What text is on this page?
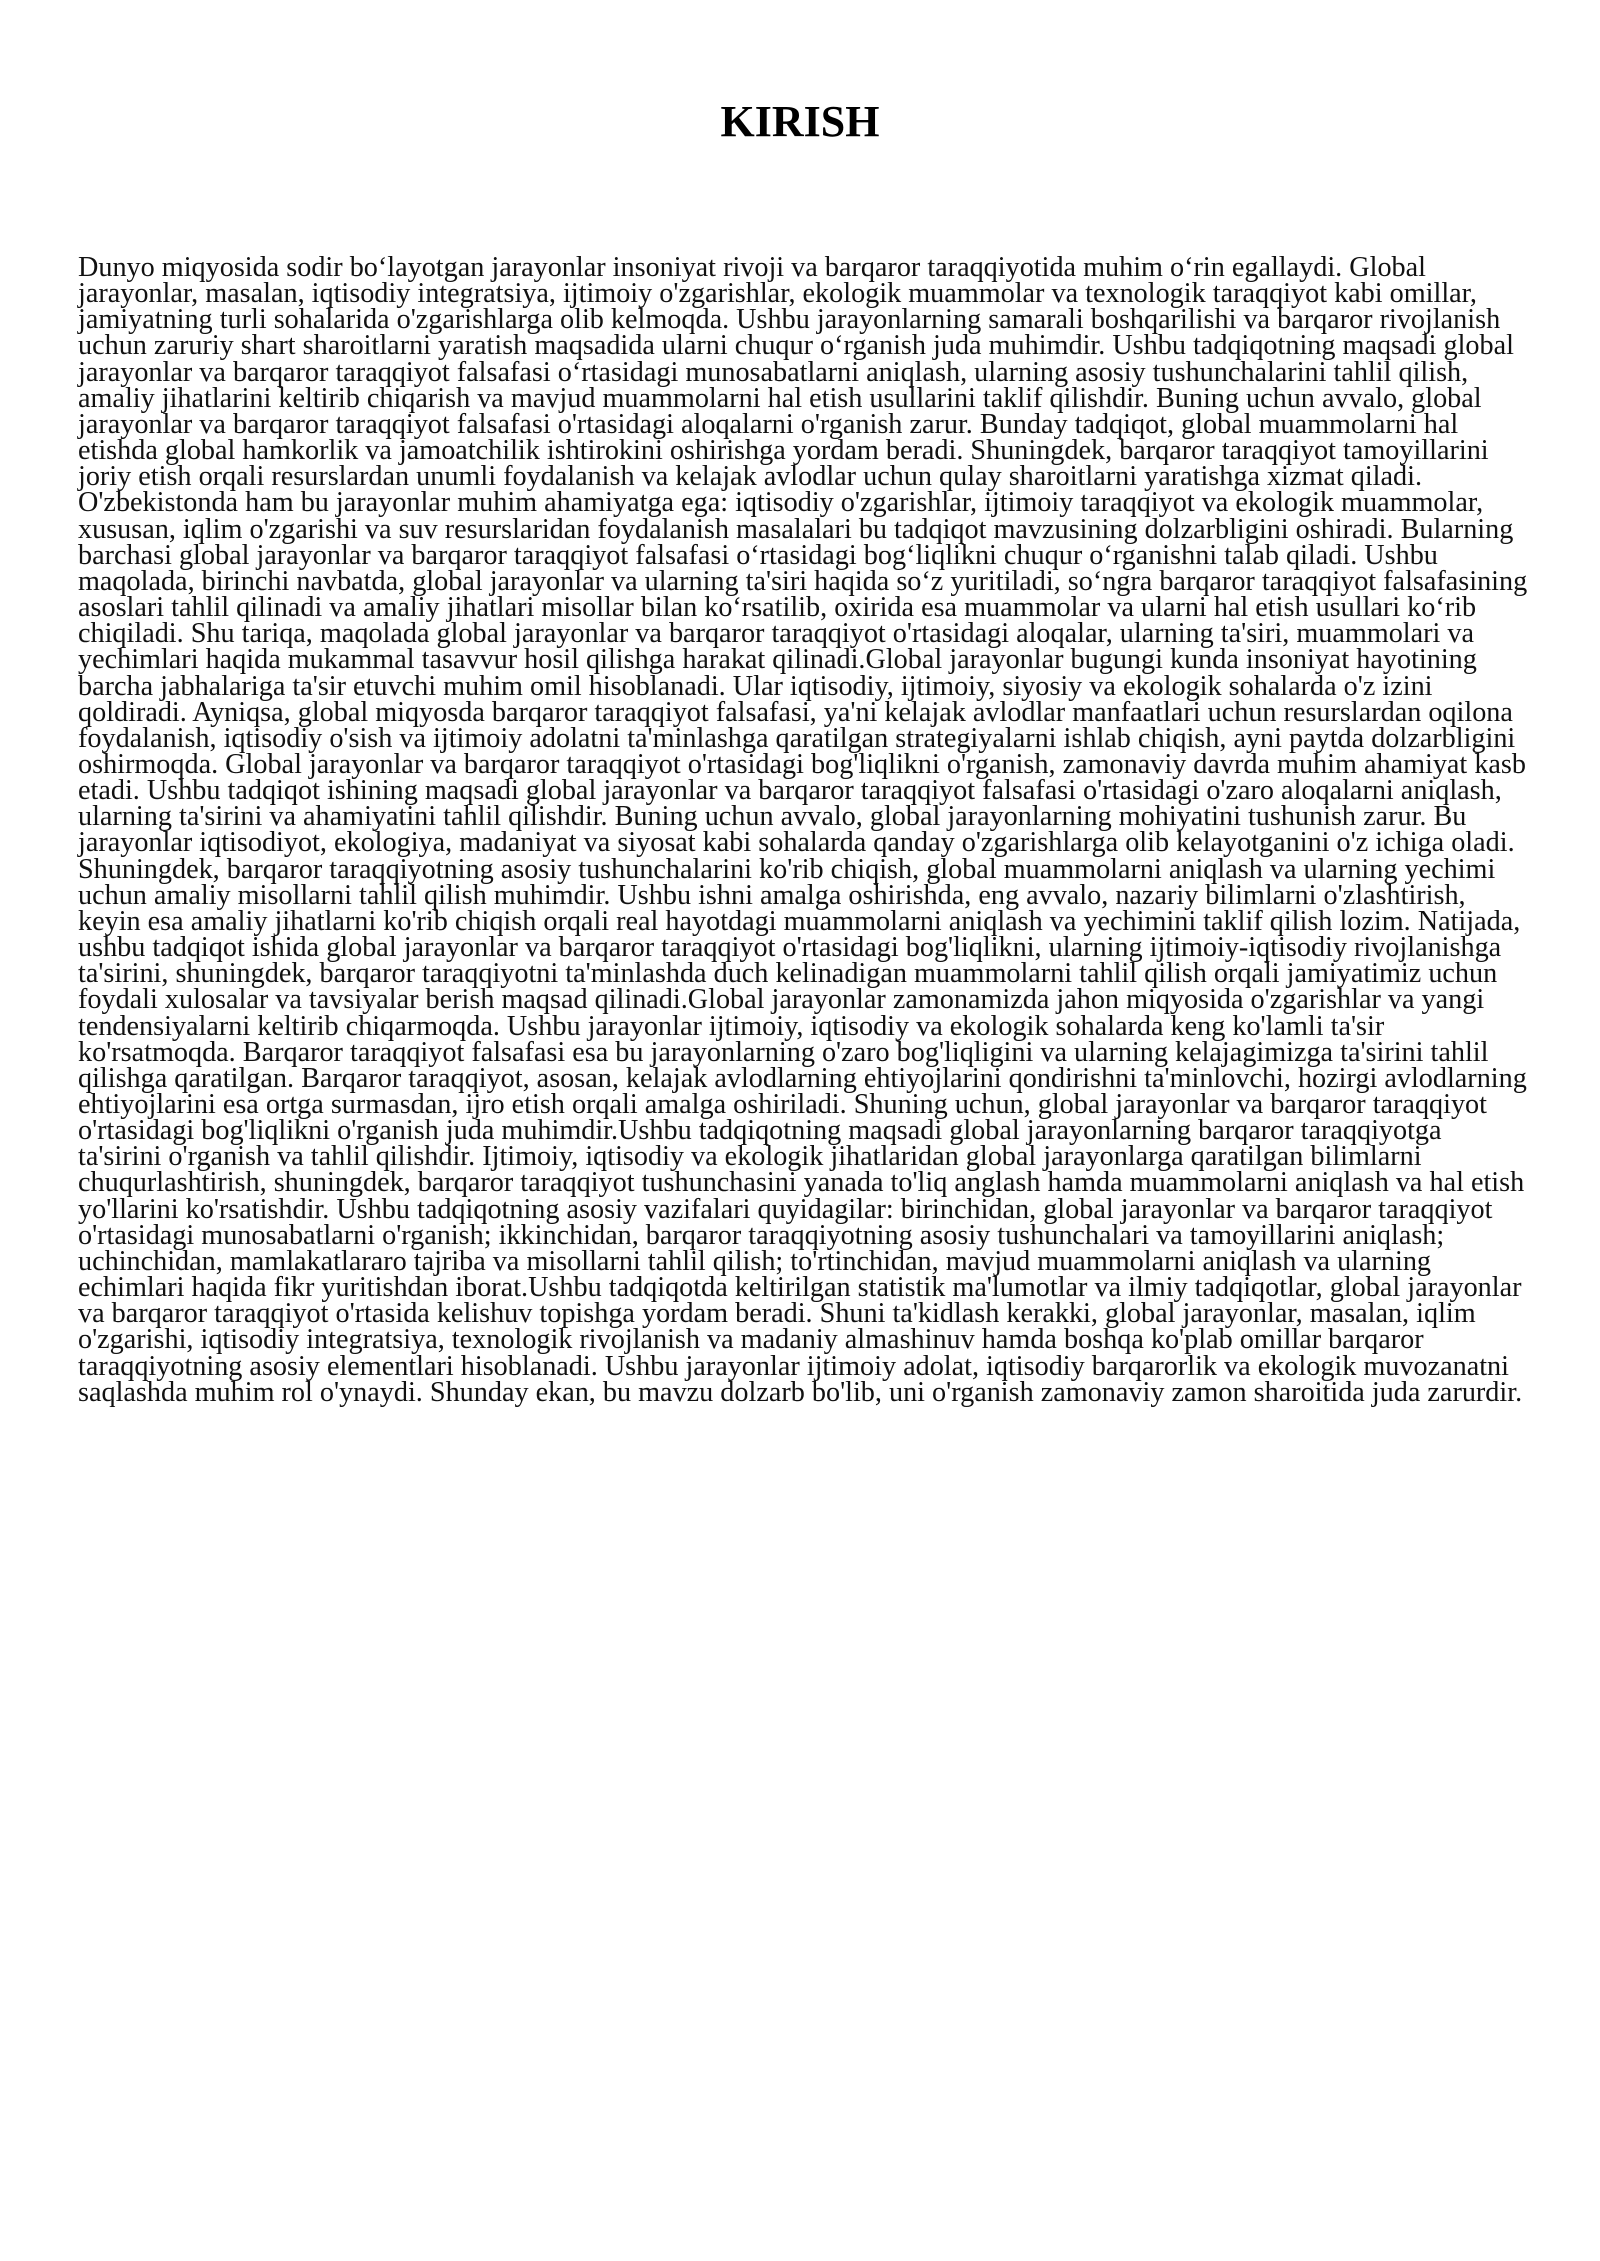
KIRISH

Dunyo miqyosida sodir bo‘layotgan jarayonlar insoniyat rivoji va barqaror taraqqiyotida muhim o‘rin egallaydi. Global jarayonlar, masalan, iqtisodiy integratsiya, ijtimoiy o'zgarishlar, ekologik muammolar va texnologik taraqqiyot kabi omillar, jamiyatning turli sohalarida o'zgarishlarga olib kelmoqda. Ushbu jarayonlarning samarali boshqarilishi va barqaror rivojlanish uchun zaruriy shart sharoitlarni yaratish maqsadida ularni chuqur o‘rganish juda muhimdir. Ushbu tadqiqotning maqsadi global jarayonlar va barqaror taraqqiyot falsafasi o‘rtasidagi munosabatlarni aniqlash, ularning asosiy tushunchalarini tahlil qilish, amaliy jihatlarini keltirib chiqarish va mavjud muammolarni hal etish usullarini taklif qilishdir. Buning uchun avvalo, global jarayonlar va barqaror taraqqiyot falsafasi o'rtasidagi aloqalarni o'rganish zarur. Bunday tadqiqot, global muammolarni hal etishda global hamkorlik va jamoatchilik ishtirokini oshirishga yordam beradi. Shuningdek, barqaror taraqqiyot tamoyillarini joriy etish orqali resurslardan unumli foydalanish va kelajak avlodlar uchun qulay sharoitlarni yaratishga xizmat qiladi. O'zbekistonda ham bu jarayonlar muhim ahamiyatga ega: iqtisodiy o'zgarishlar, ijtimoiy taraqqiyot va ekologik muammolar, xususan, iqlim o'zgarishi va suv resurslaridan foydalanish masalalari bu tadqiqot mavzusining dolzarbligini oshiradi. Bularning barchasi global jarayonlar va barqaror taraqqiyot falsafasi o‘rtasidagi bog‘liqlikni chuqur o‘rganishni talab qiladi. Ushbu maqolada, birinchi navbatda, global jarayonlar va ularning ta'siri haqida so‘z yuritiladi, so‘ngra barqaror taraqqiyot falsafasining asoslari tahlil qilinadi va amaliy jihatlari misollar bilan ko‘rsatilib, oxirida esa muammolar va ularni hal etish usullari ko‘rib chiqiladi. Shu tariqa, maqolada global jarayonlar va barqaror taraqqiyot o'rtasidagi aloqalar, ularning ta'siri, muammolari va yechimlari haqida mukammal tasavvur hosil qilishga harakat qilinadi.Global jarayonlar bugungi kunda insoniyat hayotining barcha jabhalariga ta'sir etuvchi muhim omil hisoblanadi. Ular iqtisodiy, ijtimoiy, siyosiy va ekologik sohalarda o'z izini qoldiradi. Ayniqsa, global miqyosda barqaror taraqqiyot falsafasi, ya'ni kelajak avlodlar manfaatlari uchun resurslardan oqilona foydalanish, iqtisodiy o'sish va ijtimoiy adolatni ta'minlashga qaratilgan strategiyalarni ishlab chiqish, ayni paytda dolzarbligini oshirmoqda. Global jarayonlar va barqaror taraqqiyot o'rtasidagi bog'liqlikni o'rganish, zamonaviy davrda muhim ahamiyat kasb etadi. Ushbu tadqiqot ishining maqsadi global jarayonlar va barqaror taraqqiyot falsafasi o'rtasidagi o'zaro aloqalarni aniqlash, ularning ta'sirini va ahamiyatini tahlil qilishdir. Buning uchun avvalo, global jarayonlarning mohiyatini tushunish zarur. Bu jarayonlar iqtisodiyot, ekologiya, madaniyat va siyosat kabi sohalarda qanday o'zgarishlarga olib kelayotganini o'z ichiga oladi. Shuningdek, barqaror taraqqiyotning asosiy tushunchalarini ko'rib chiqish, global muammolarni aniqlash va ularning yechimi uchun amaliy misollarni tahlil qilish muhimdir. Ushbu ishni amalga oshirishda, eng avvalo, nazariy bilimlarni o'zlashtirish, keyin esa amaliy jihatlarni ko'rib chiqish orqali real hayotdagi muammolarni aniqlash va yechimini taklif qilish lozim. Natijada, ushbu tadqiqot ishida global jarayonlar va barqaror taraqqiyot o'rtasidagi bog'liqlikni, ularning ijtimoiy-iqtisodiy rivojlanishga ta'sirini, shuningdek, barqaror taraqqiyotni ta'minlashda duch kelinadigan muammolarni tahlil qilish orqali jamiyatimiz uchun foydali xulosalar va tavsiyalar berish maqsad qilinadi.Global jarayonlar zamonamizda jahon miqyosida o'zgarishlar va yangi tendensiyalarni keltirib chiqarmoqda. Ushbu jarayonlar ijtimoiy, iqtisodiy va ekologik sohalarda keng ko'lamli ta'sir ko'rsatmoqda. Barqaror taraqqiyot falsafasi esa bu jarayonlarning o'zaro bog'liqligini va ularning kelajagimizga ta'sirini tahlil qilishga qaratilgan. Barqaror taraqqiyot, asosan, kelajak avlodlarning ehtiyojlarini qondirishni ta'minlovchi, hozirgi avlodlarning ehtiyojlarini esa ortga surmasdan, ijro etish orqali amalga oshiriladi. Shuning uchun, global jarayonlar va barqaror taraqqiyot o'rtasidagi bog'liqlikni o'rganish juda muhimdir.Ushbu tadqiqotning maqsadi global jarayonlarning barqaror taraqqiyotga ta'sirini o'rganish va tahlil qilishdir. Ijtimoiy, iqtisodiy va ekologik jihatlaridan global jarayonlarga qaratilgan bilimlarni chuqurlashtirish, shuningdek, barqaror taraqqiyot tushunchasini yanada to'liq anglash hamda muammolarni aniqlash va hal etish yo'llarini ko'rsatishdir. Ushbu tadqiqotning asosiy vazifalari quyidagilar: birinchidan, global jarayonlar va barqaror taraqqiyot o'rtasidagi munosabatlarni o'rganish; ikkinchidan, barqaror taraqqiyotning asosiy tushunchalari va tamoyillarini aniqlash; uchinchidan, mamlakatlararo tajriba va misollarni tahlil qilish; to'rtinchidan, mavjud muammolarni aniqlash va ularning echimlari haqida fikr yuritishdan iborat.Ushbu tadqiqotda keltirilgan statistik ma'lumotlar va ilmiy tadqiqotlar, global jarayonlar va barqaror taraqqiyot o'rtasida kelishuv topishga yordam beradi. Shuni ta'kidlash kerakki, global jarayonlar, masalan, iqlim o'zgarishi, iqtisodiy integratsiya, texnologik rivojlanish va madaniy almashinuv hamda boshqa ko'plab omillar barqaror taraqqiyotning asosiy elementlari hisoblanadi. Ushbu jarayonlar ijtimoiy adolat, iqtisodiy barqarorlik va ekologik muvozanatni saqlashda muhim rol o'ynaydi. Shunday ekan, bu mavzu dolzarb bo'lib, uni o'rganish zamonaviy zamon sharoitida juda zarurdir.
